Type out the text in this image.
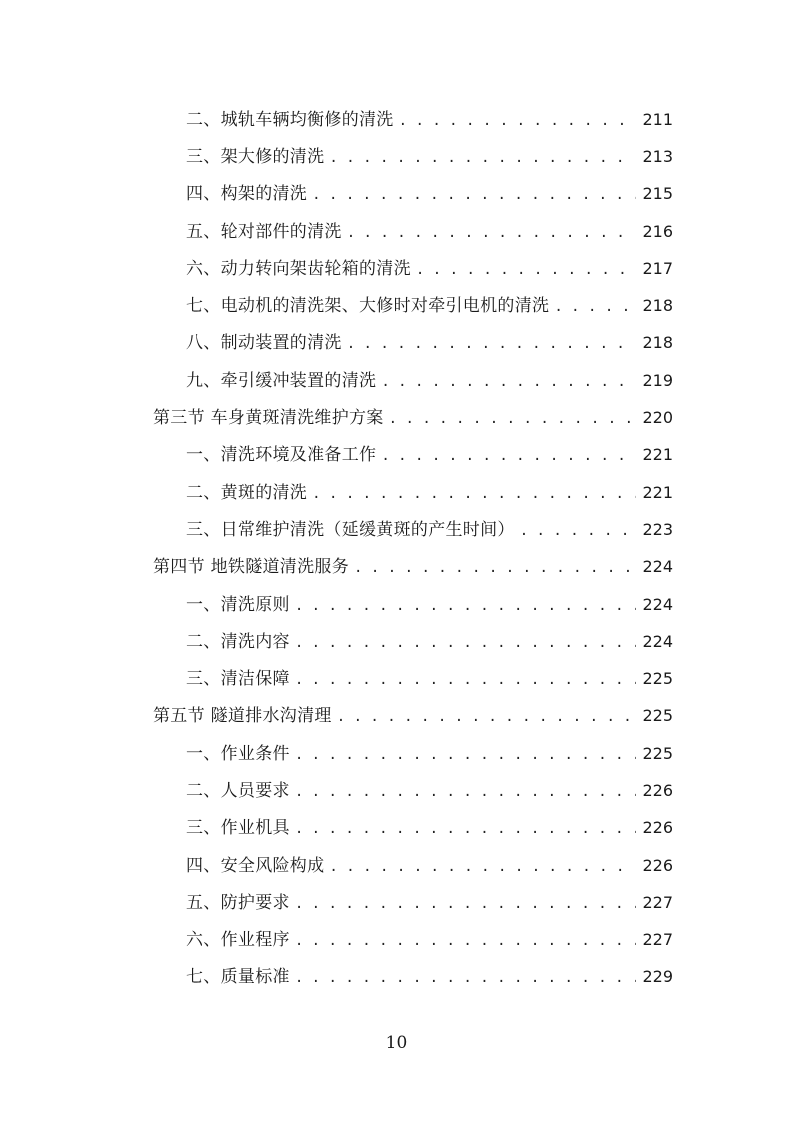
二、城轨车辆均衡修的清洗 . . .	211
三、架大修的清洗 . . .	213
四、构架的清洗 . . .	215
五、轮对部件的清洗 . . .	216
六、动力转向架齿轮箱的清洗 . . .	217
七、电动机的清洗架、大修时对牵引电机的清洗 . . .	218
八、制动装置的清洗 . . .	218
九、牵引缓冲装置的清洗 . . .	219
第三节 车身黄斑清洗维护方案 . . .	220
一、清洗环境及准备工作 . . .	221
二、黄斑的清洗 . . .	221
三、日常维护清洗（延缓黄斑的产生时间） . . .	223
第四节 地铁隧道清洗服务 . . .	224
一、清洗原则 . . .	224
二、清洗内容 . . .	224
三、清洁保障 . . .	225
第五节 隧道排水沟清理 . . .	225
一、作业条件 . . .	225
二、人员要求 . . .	226
三、作业机具 . . .	226
四、安全风险构成 . . .	226
五、防护要求 . . .	227
六、作业程序 . . .	227
七、质量标准 . . .	229
10
